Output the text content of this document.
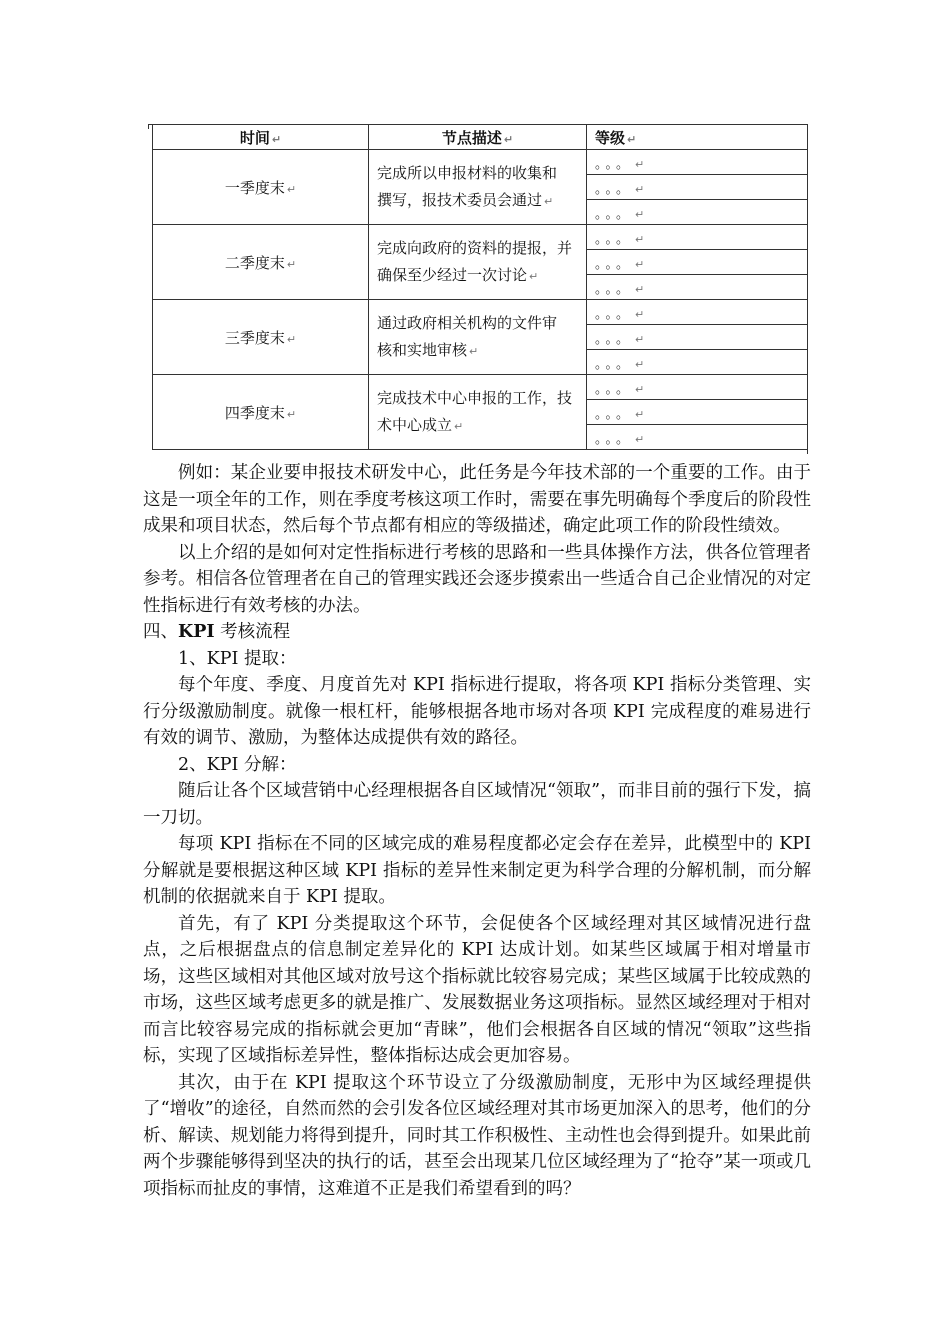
时间 ↵	节点描述 ↵	等级 ↵
一季度末 ↵	完成所以申报材料的收集和
撰写，报技术委员会通过 ↵	。。。 ↵
		。。。 ↵
		。。。 ↵
二季度末 ↵	完成向政府的资料的提报，并
确保至少经过一次讨论 ↵	。。。 ↵
		。。。 ↵
		。。。 ↵
三季度末 ↵	通过政府相关机构的文件审
核和实地审核 ↵	。。。 ↵
		。。。 ↵
		。。。 ↵
四季度末 ↵	完成技术中心申报的工作，技
术中心成立 ↵	。。。 ↵
		。。。 ↵
		。。。 ↵

例如：某企业要申报技术研发中心，此任务是今年技术部的一个重要的工作。由于这是一项全年的工作，则在季度考核这项工作时，需要在事先明确每个季度后的阶段性成果和项目状态，然后每个节点都有相应的等级描述，确定此项工作的阶段性绩效。

以上介绍的是如何对定性指标进行考核的思路和一些具体操作方法，供各位管理者参考。相信各位管理者在自己的管理实践还会逐步摸索出一些适合自己企业情况的对定性指标进行有效考核的办法。

四、KPI 考核流程

1、KPI 提取：

每个年度、季度、月度首先对 KPI 指标进行提取，将各项 KPI 指标分类管理、实行分级激励制度。就像一根杠杆，能够根据各地市场对各项 KPI 完成程度的难易进行有效的调节、激励，为整体达成提供有效的路径。

2、KPI 分解：

随后让各个区域营销中心经理根据各自区域情况“领取”，而非目前的强行下发，搞一刀切。

每项 KPI 指标在不同的区域完成的难易程度都必定会存在差异，此模型中的 KPI 分解就是要根据这种区域 KPI 指标的差异性来制定更为科学合理的分解机制，而分解机制的依据就来自于 KPI 提取。

首先，有了 KPI 分类提取这个环节，会促使各个区域经理对其区域情况进行盘点，之后根据盘点的信息制定差异化的 KPI 达成计划。如某些区域属于相对增量市场，这些区域相对其他区域对放号这个指标就比较容易完成；某些区域属于比较成熟的市场，这些区域考虑更多的就是推广、发展数据业务这项指标。显然区域经理对于相对而言比较容易完成的指标就会更加“青睐”，他们会根据各自区域的情况“领取”这些指标，实现了区域指标差异性，整体指标达成会更加容易。

其次，由于在 KPI 提取这个环节设立了分级激励制度，无形中为区域经理提供了“增收”的途径，自然而然的会引发各位区域经理对其市场更加深入的思考，他们的分析、解读、规划能力将得到提升，同时其工作积极性、主动性也会得到提升。如果此前两个步骤能够得到坚决的执行的话，甚至会出现某几位区域经理为了“抢夺”某一项或几项指标而扯皮的事情，这难道不正是我们希望看到的吗？
